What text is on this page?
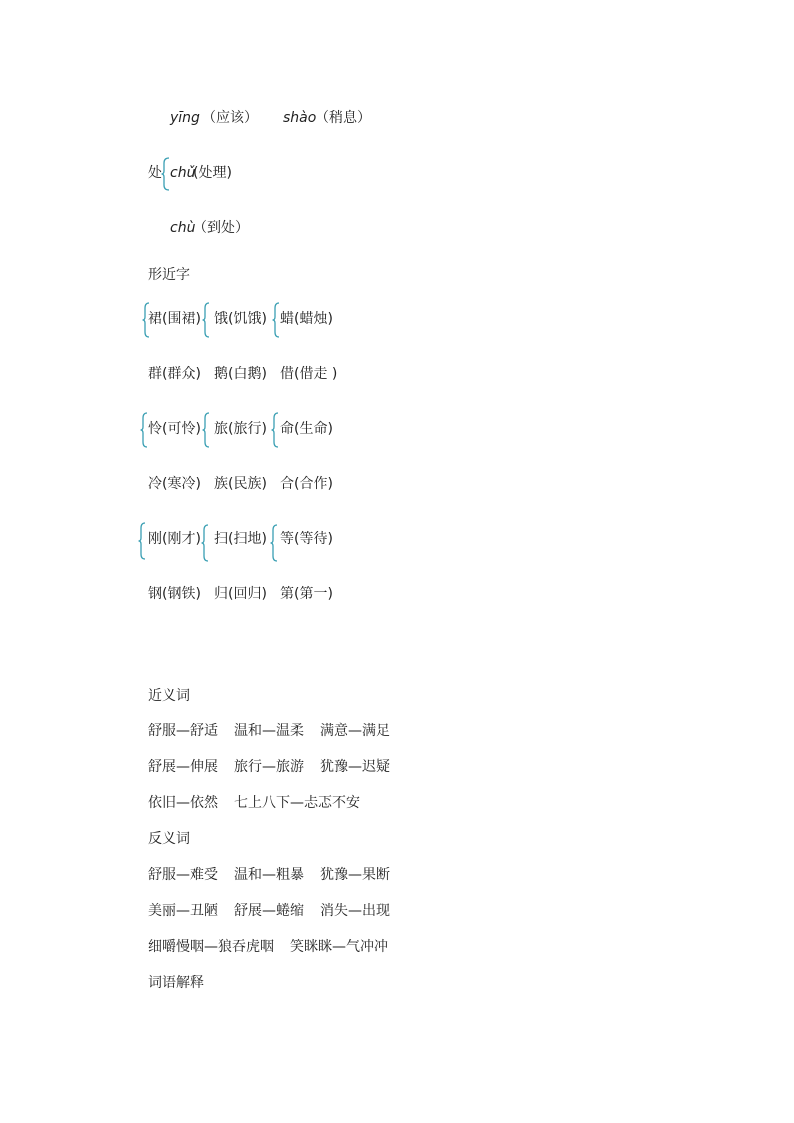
yīng （应该） shào
（稍息）
处 chǔ
(处理)
chù
（到处）
形近字
裙(围裙) 饿(饥饿) 蜡(蜡烛)
群(群众) 鹅(白鹅) 借(借走 )
怜(可怜) 旅(旅行) 命(生命)
冷(寒冷) 族(民族) 合(合作)
刚(刚才) 扫(扫地) 等(等待)
钢(钢铁) 归(回归) 第(第一)
近义词
舒服—舒适 温和—温柔 满意—满足
舒展—伸展 旅行—旅游 犹豫—迟疑
依旧—依然 七上八下—忐忑不安
反义词
舒服—难受 温和—粗暴 犹豫—果断
美丽—丑陋 舒展—蜷缩 消失—出现
细嚼慢咽—狼吞虎咽 笑眯眯—气冲冲
词语解释
